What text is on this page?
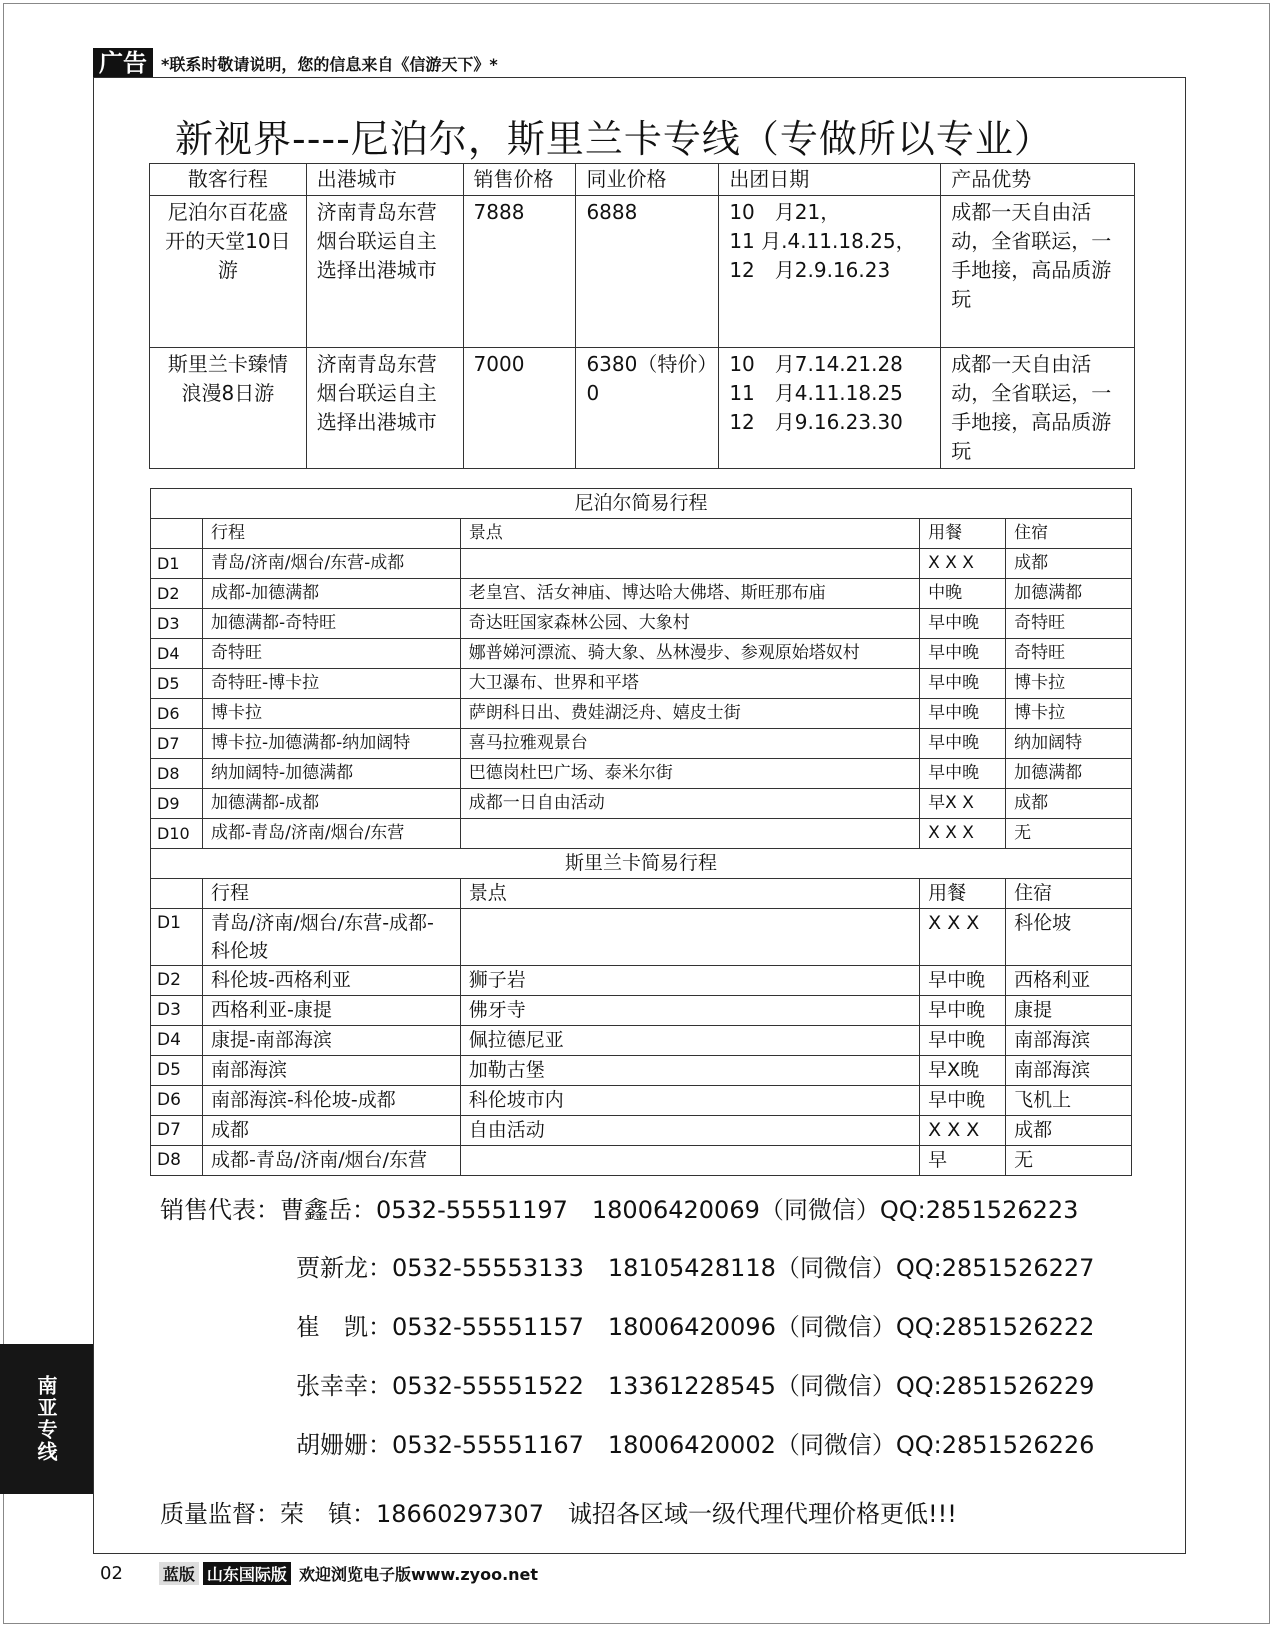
广告 *联系时敬请说明，您的信息来自《信游天下》*
南亚专线
新视界----尼泊尔，斯里兰卡专线（专做所以专业）
散客行程	出港城市	销售价格	同业价格	出团日期	产品优势
尼泊尔百花盛开的天堂10日游	济南青岛东营烟台联运自主选择出港城市	7888	6888	10　月21，
11 月.4.11.18.25，
12　月2.9.16.23	成都一天自由活动，全省联运，一手地接，高品质游玩
斯里兰卡臻情浪漫8日游	济南青岛东营烟台联运自主选择出港城市	7000	6380（特价）0	10　月7.14.21.28
11　月4.11.18.25
12　月9.16.23.30	成都一天自由活动，全省联运，一手地接，高品质游玩
尼泊尔简易行程				
	行程	景点	用餐	住宿
D1	青岛/济南/烟台/东营-成都		X X X	成都
D2	成都-加德满都	老皇宫、活女神庙、博达哈大佛塔、斯旺那布庙	中晚	加德满都
D3	加德满都-奇特旺	奇达旺国家森林公园、大象村	早中晚	奇特旺
D4	奇特旺	娜普娣河漂流、骑大象、丛林漫步、参观原始塔奴村	早中晚	奇特旺
D5	奇特旺-博卡拉	大卫瀑布、世界和平塔	早中晚	博卡拉
D6	博卡拉	萨朗科日出、费娃湖泛舟、嬉皮士街	早中晚	博卡拉
D7	博卡拉-加德满都-纳加阔特	喜马拉雅观景台	早中晚	纳加阔特
D8	纳加阔特-加德满都	巴德岗杜巴广场、泰米尔街	早中晚	加德满都
D9	加德满都-成都	成都一日自由活动	早X X	成都
D10	成都-青岛/济南/烟台/东营		X X X	无
斯里兰卡简易行程				
	行程	景点	用餐	住宿
D1	青岛/济南/烟台/东营-成都-科伦坡		X X X	科伦坡
D2	科伦坡-西格利亚	狮子岩	早中晚	西格利亚
D3	西格利亚-康提	佛牙寺	早中晚	康提
D4	康提-南部海滨	佩拉德尼亚	早中晚	南部海滨
D5	南部海滨	加勒古堡	早X晚	南部海滨
D6	南部海滨-科伦坡-成都	科伦坡市内	早中晚	飞机上
D7	成都	自由活动	X X X	成都
D8	成都-青岛/济南/烟台/东营		早	无
销售代表：曹鑫岳：0532-55551197　18006420069（同微信）QQ:2851526223
贾新龙：0532-55553133　18105428118（同微信）QQ:2851526227
崔　凯：0532-55551157　18006420096（同微信）QQ:2851526222
张幸幸：0532-55551522　13361228545（同微信）QQ:2851526229
胡姗姗：0532-55551167　18006420002（同微信）QQ:2851526226
质量监督：荣　镇：18660297307　诚招各区域一级代理代理价格更低!!!
02	蓝版 山东国际版 欢迎浏览电子版www.zyoo.net
